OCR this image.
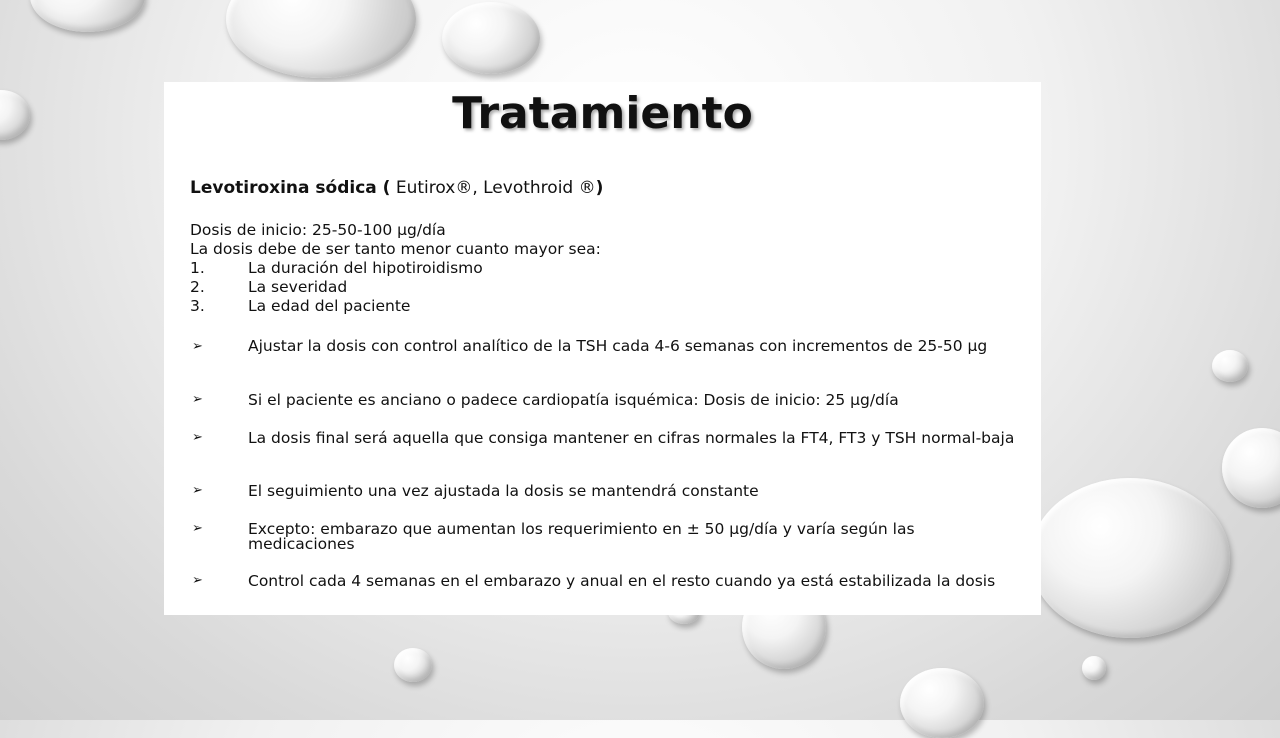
Tratamiento
Levotiroxina sódica ( Eutirox®, Levothroid ®)
Dosis de inicio: 25-50-100 µg/día
La dosis debe de ser tanto menor cuanto mayor sea:
1.	La duración del hipotiroidismo
2.	La severidad
3.	La edad del paciente
➢	Ajustar la dosis con control analítico de la TSH cada 4-6 semanas con incrementos de 25-50 µg
➢	Si el paciente es anciano o padece cardiopatía isquémica: Dosis de inicio: 25 µg/día
➢	La dosis final será aquella que consiga mantener en cifras normales la FT4, FT3 y TSH normal-baja
➢	El seguimiento una vez ajustada la dosis se mantendrá constante
➢	Excepto: embarazo que aumentan los requerimiento en ± 50 µg/día y varía según las medicaciones
➢	Control cada 4 semanas en el embarazo y anual en el resto cuando ya está estabilizada la dosis
